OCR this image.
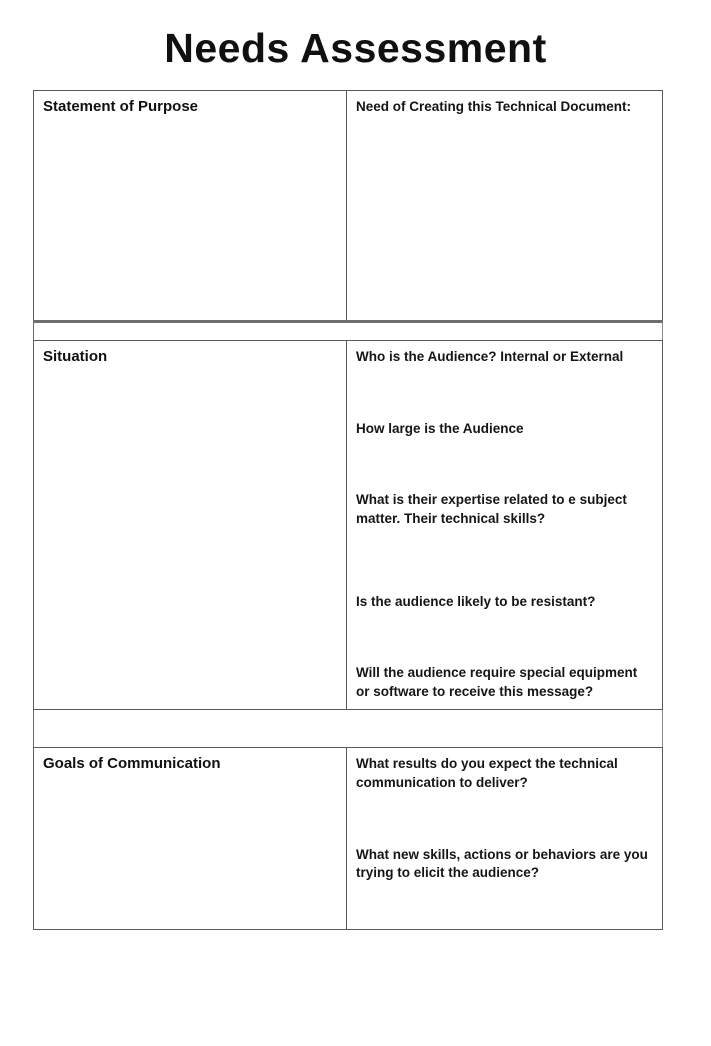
Needs Assessment
Statement of Purpose	Need of Creating this Technical Document:

Situation	Who is the Audience? Internal or External
How large is the Audience
What is their expertise related to e subject matter. Their technical skills?
Is the audience likely to be resistant?
Will the audience require special equipment or software to receive this message?

Goals of Communication	What results do you expect the technical communication to deliver?
What new skills, actions or behaviors are you trying to elicit the audience?
